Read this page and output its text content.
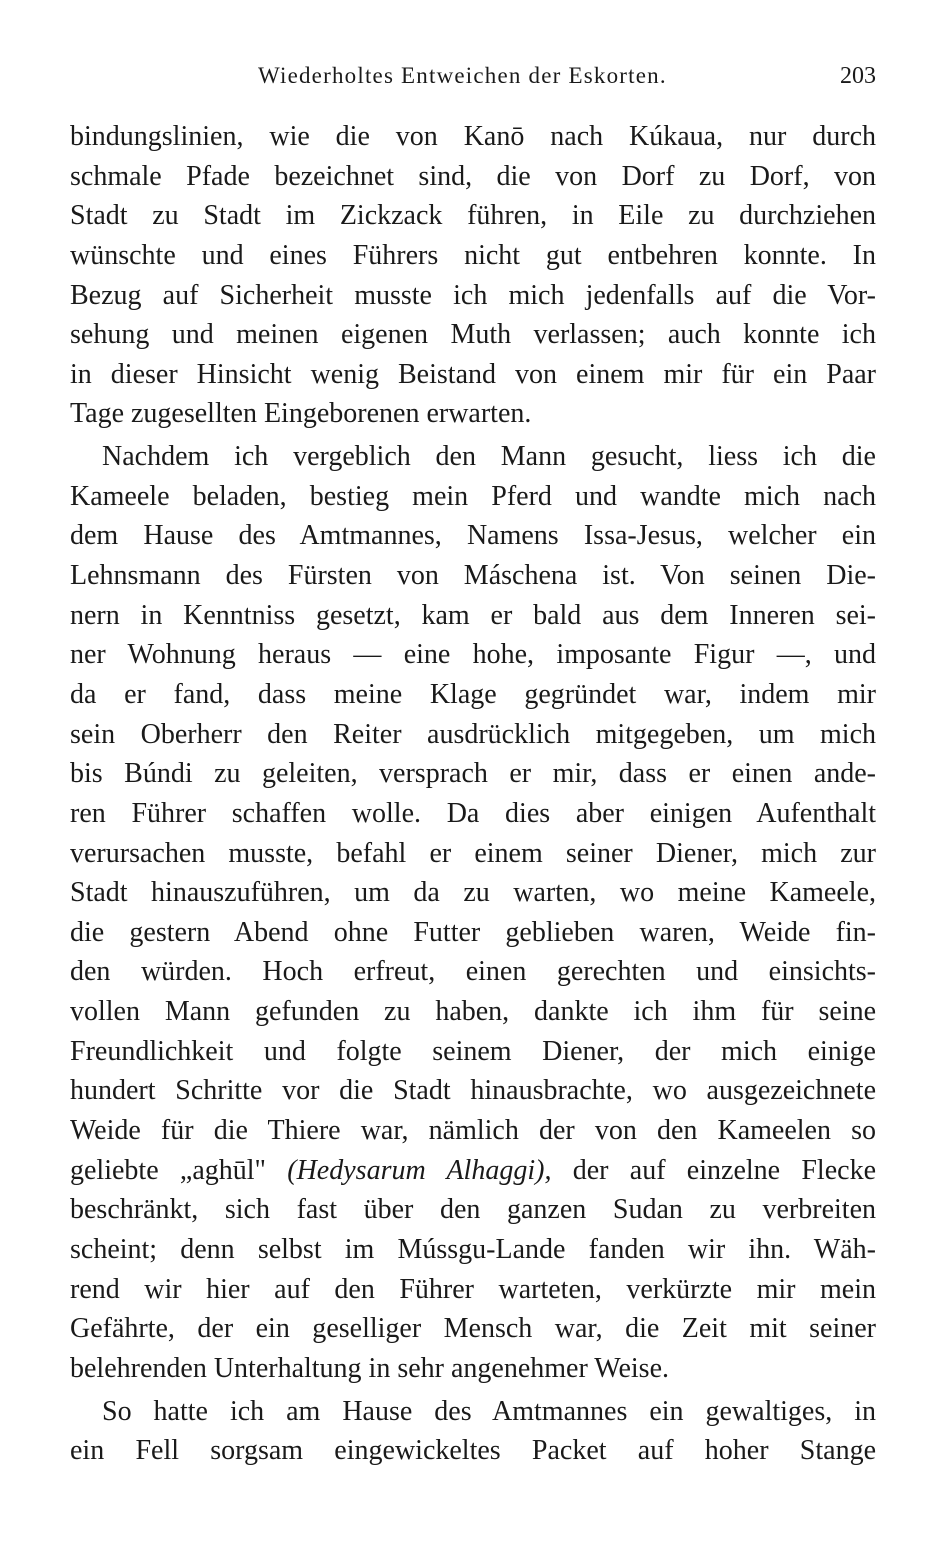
Wiederholtes Entweichen der Eskorten.	203
bindungslinien, wie die von Kanō nach Kúkaua, nur durch
schmale Pfade bezeichnet sind, die von Dorf zu Dorf, von
Stadt zu Stadt im Zickzack führen, in Eile zu durchziehen
wünschte und eines Führers nicht gut entbehren konnte. In
Bezug auf Sicherheit musste ich mich jedenfalls auf die Vor-
sehung und meinen eigenen Muth verlassen; auch konnte ich
in dieser Hinsicht wenig Beistand von einem mir für ein Paar
Tage zugesellten Eingeborenen erwarten.
Nachdem ich vergeblich den Mann gesucht, liess ich die
Kameele beladen, bestieg mein Pferd und wandte mich nach
dem Hause des Amtmannes, Namens Issa-Jesus, welcher ein
Lehnsmann des Fürsten von Máschena ist. Von seinen Die-
nern in Kenntniss gesetzt, kam er bald aus dem Inneren sei-
ner Wohnung heraus — eine hohe, imposante Figur —, und
da er fand, dass meine Klage gegründet war, indem mir
sein Oberherr den Reiter ausdrücklich mitgegeben, um mich
bis Búndi zu geleiten, versprach er mir, dass er einen ande-
ren Führer schaffen wolle. Da dies aber einigen Aufenthalt
verursachen musste, befahl er einem seiner Diener, mich zur
Stadt hinauszuführen, um da zu warten, wo meine Kameele,
die gestern Abend ohne Futter geblieben waren, Weide fin-
den würden. Hoch erfreut, einen gerechten und einsichts-
vollen Mann gefunden zu haben, dankte ich ihm für seine
Freundlichkeit und folgte seinem Diener, der mich einige
hundert Schritte vor die Stadt hinausbrachte, wo ausgezeichnete
Weide für die Thiere war, nämlich der von den Kameelen so
geliebte „aghūl" (Hedysarum Alhaggi), der auf einzelne Flecke
beschränkt, sich fast über den ganzen Sudan zu verbreiten
scheint; denn selbst im Mússgu-Lande fanden wir ihn. Wäh-
rend wir hier auf den Führer warteten, verkürzte mir mein
Gefährte, der ein geselliger Mensch war, die Zeit mit seiner
belehrenden Unterhaltung in sehr angenehmer Weise.
So hatte ich am Hause des Amtmannes ein gewaltiges, in
ein Fell sorgsam eingewickeltes Packet auf hoher Stange
